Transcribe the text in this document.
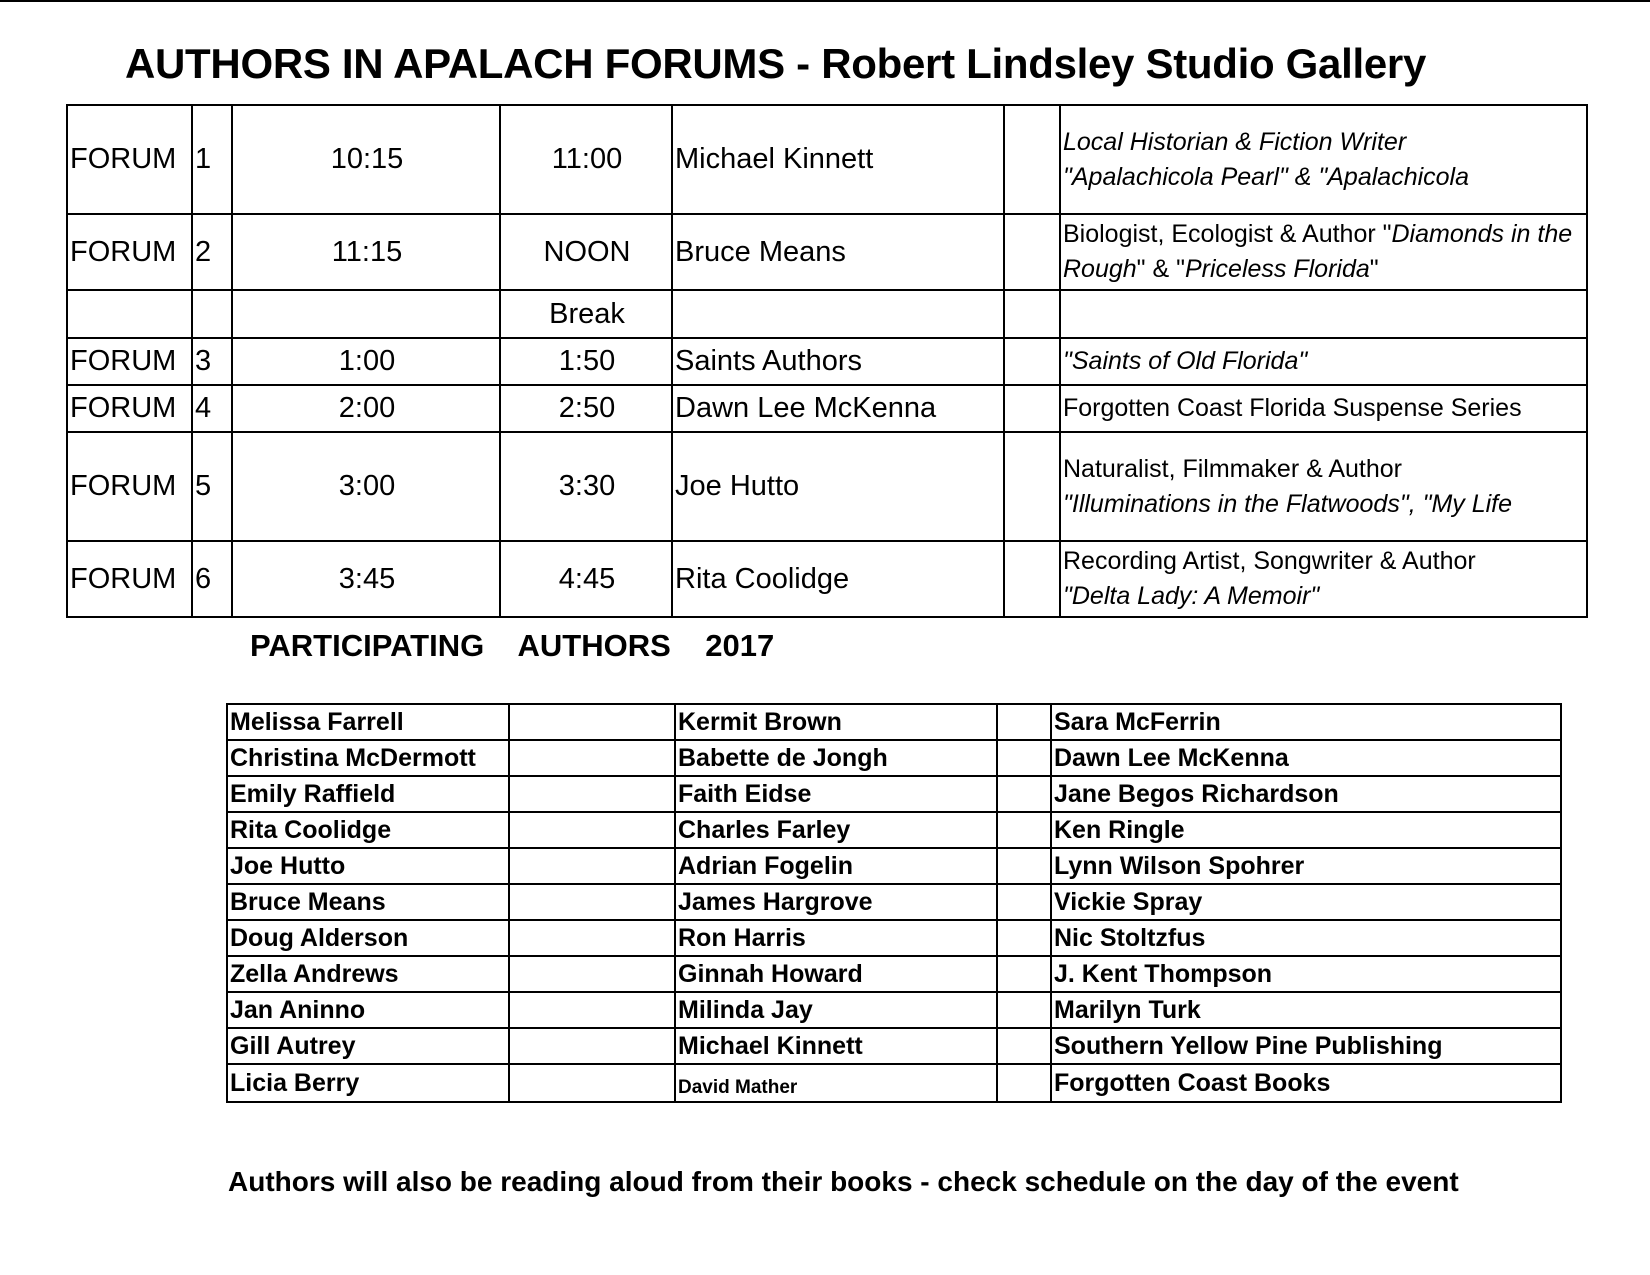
AUTHORS IN APALACH FORUMS - Robert Lindsley Studio Gallery
FORUM	1	10:15	11:00	Michael Kinnett		Local Historian & Fiction Writer
"Apalachicola Pearl" & "Apalachicola

FORUM	2	11:15	NOON	Bruce Means		Biologist, Ecologist & Author "Diamonds in the Rough" & "Priceless Florida"
			Break			
FORUM	3	1:00	1:50	Saints Authors		"Saints of Old Florida"
FORUM	4	2:00	2:50	Dawn Lee McKenna		Forgotten Coast Florida Suspense Series
FORUM	5	3:00	3:30	Joe Hutto		Naturalist, Filmmaker & Author
"Illuminations in the Flatwoods", "My Life

FORUM	6	3:45	4:45	Rita Coolidge		Recording Artist, Songwriter & Author
"Delta Lady: A Memoir"
PARTICIPATING    AUTHORS    2017
Melissa Farrell		Kermit Brown		Sara McFerrin
Christina McDermott		Babette de Jongh		Dawn Lee McKenna
Emily Raffield		Faith Eidse		Jane Begos Richardson
Rita Coolidge		Charles Farley		Ken Ringle
Joe Hutto		Adrian Fogelin		Lynn Wilson Spohrer
Bruce Means		James Hargrove		Vickie Spray
Doug Alderson		Ron Harris		Nic Stoltzfus
Zella Andrews		Ginnah Howard		J. Kent Thompson
Jan Aninno		Milinda Jay		Marilyn Turk
Gill Autrey		Michael Kinnett		Southern Yellow Pine Publishing
Licia Berry		David Mather		Forgotten Coast Books
Authors will also be reading aloud from their books - check schedule on the day of the event
